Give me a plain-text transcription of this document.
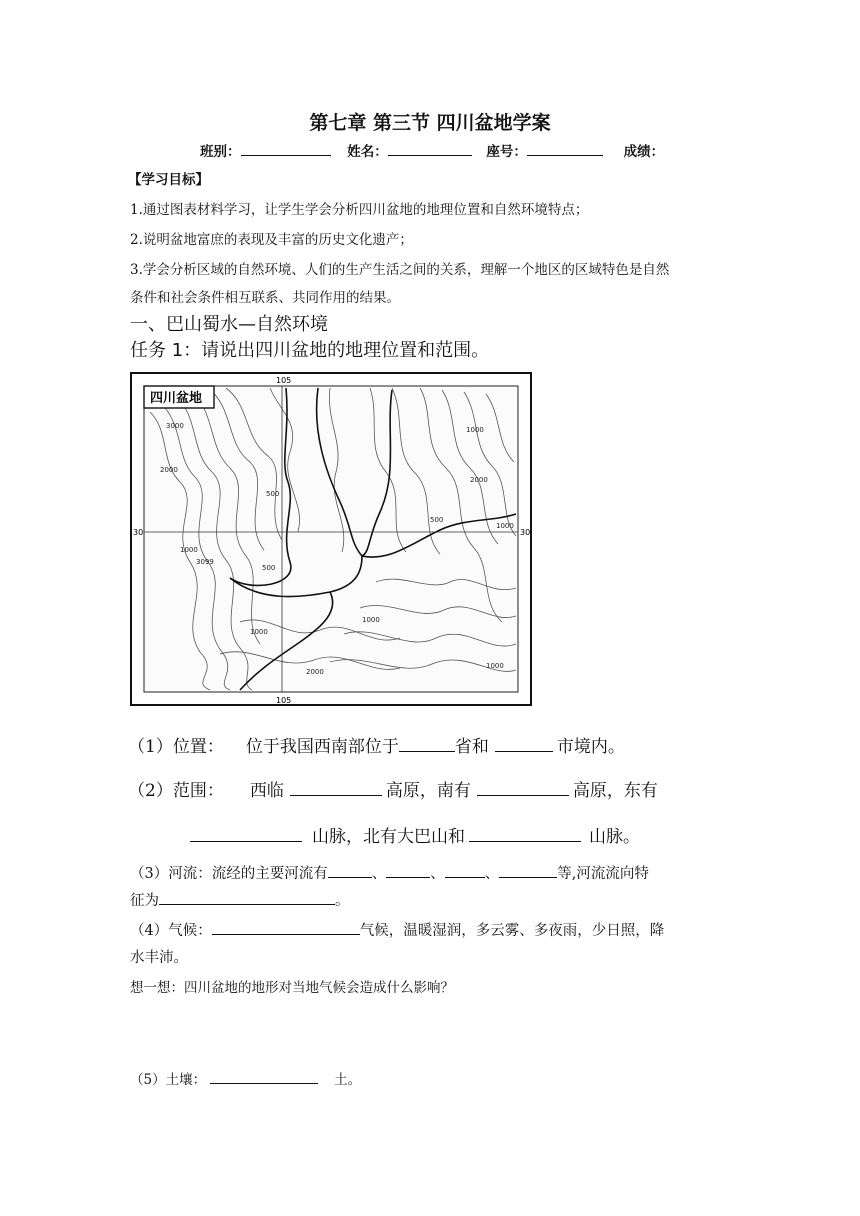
第七章 第三节 四川盆地学案
班别：	姓名：	座号：	成绩：
【学习目标】
1.通过图表材料学习，让学生学会分析四川盆地的地理位置和自然环境特点；
2.说明盆地富庶的表现及丰富的历史文化遗产；
3.学会分析区域的自然环境、人们的生产生活之间的关系，理解一个地区的区域特色是自然
条件和社会条件相互联系、共同作用的结果。
一、巴山蜀水—自然环境
任务 1：请说出四川盆地的地理位置和范围。
四川盆地
105
105
30	30
3000
2000
1000
500
3099
500
1000
1000
2000
1000
500
1000
2000
1000
（1）位置： 位于我国西南部位于	省和	市境内。
（2）范围： 西临	高原，南有	高原，东有
山脉，北有大巴山和	山脉。
（3）河流：流经的主要河流有	、	、	、	等,河流流向特
征为	。
（4）气候：	气候，温暖湿润，多云雾、多夜雨，少日照，降
水丰沛。
想一想：四川盆地的地形对当地气候会造成什么影响？
（5）土壤：	土。
